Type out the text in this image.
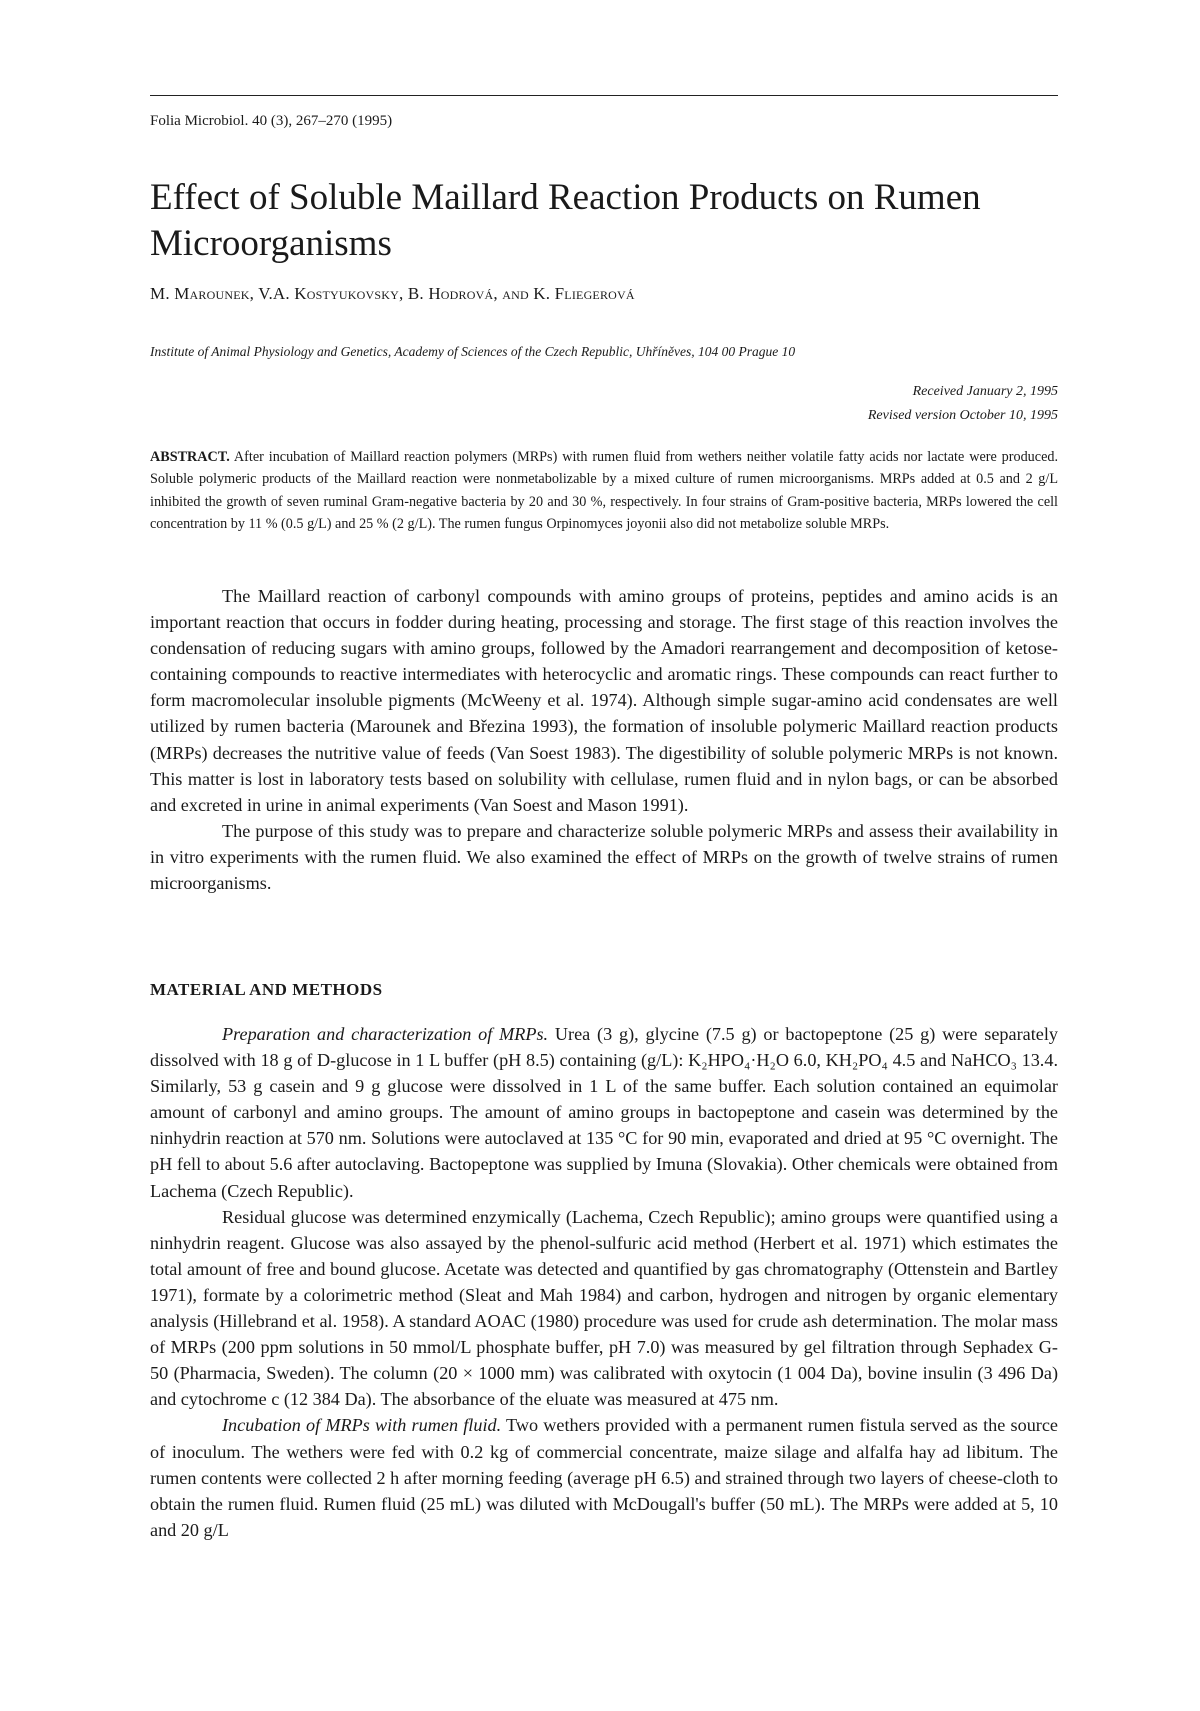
Folia Microbiol. 40 (3), 267–270 (1995)
Effect of Soluble Maillard Reaction Products on Rumen Microorganisms
M. Marounek, V.A. Kostyukovsky, B. Hodrová, and K. Fliegerová
Institute of Animal Physiology and Genetics, Academy of Sciences of the Czech Republic, Uhříněves, 104 00 Prague 10
Received January 2, 1995
Revised version October 10, 1995

ABSTRACT. After incubation of Maillard reaction polymers (MRPs) with rumen fluid from wethers neither volatile fatty acids nor lactate were produced. Soluble polymeric products of the Maillard reaction were nonmetabolizable by a mixed culture of rumen microorganisms. MRPs added at 0.5 and 2 g/L inhibited the growth of seven ruminal Gram-negative bacteria by 20 and 30 %, respectively. In four strains of Gram-positive bacteria, MRPs lowered the cell concentration by 11 % (0.5 g/L) and 25 % (2 g/L). The rumen fungus Orpinomyces joyonii also did not metabolize soluble MRPs.

The Maillard reaction of carbonyl compounds with amino groups of proteins, peptides and amino acids is an important reaction that occurs in fodder during heating, processing and storage. The first stage of this reaction involves the condensation of reducing sugars with amino groups, followed by the Amadori rearrangement and decomposition of ketose-containing compounds to reactive intermediates with heterocyclic and aromatic rings. These compounds can react further to form macromolecular insoluble pigments (McWeeny et al. 1974). Although simple sugar-amino acid condensates are well utilized by rumen bacteria (Marounek and Březina 1993), the formation of insoluble polymeric Maillard reaction products (MRPs) decreases the nutritive value of feeds (Van Soest 1983). The digestibility of soluble polymeric MRPs is not known. This matter is lost in laboratory tests based on solubility with cellulase, rumen fluid and in nylon bags, or can be absorbed and excreted in urine in animal experiments (Van Soest and Mason 1991).

The purpose of this study was to prepare and characterize soluble polymeric MRPs and assess their availability in in vitro experiments with the rumen fluid. We also examined the effect of MRPs on the growth of twelve strains of rumen microorganisms.

MATERIAL AND METHODS

Preparation and characterization of MRPs. Urea (3 g), glycine (7.5 g) or bactopeptone (25 g) were separately dissolved with 18 g of D-glucose in 1 L buffer (pH 8.5) containing (g/L): K₂HPO₄·H₂O 6.0, KH₂PO₄ 4.5 and NaHCO₃ 13.4. Similarly, 53 g casein and 9 g glucose were dissolved in 1 L of the same buffer. Each solution contained an equimolar amount of carbonyl and amino groups. The amount of amino groups in bactopeptone and casein was determined by the ninhydrin reaction at 570 nm. Solutions were autoclaved at 135 °C for 90 min, evaporated and dried at 95 °C overnight. The pH fell to about 5.6 after autoclaving. Bactopeptone was supplied by Imuna (Slovakia). Other chemicals were obtained from Lachema (Czech Republic).

Residual glucose was determined enzymically (Lachema, Czech Republic); amino groups were quantified using a ninhydrin reagent. Glucose was also assayed by the phenol-sulfuric acid method (Herbert et al. 1971) which estimates the total amount of free and bound glucose. Acetate was detected and quantified by gas chromatography (Ottenstein and Bartley 1971), formate by a colorimetric method (Sleat and Mah 1984) and carbon, hydrogen and nitrogen by organic elementary analysis (Hillebrand et al. 1958). A standard AOAC (1980) procedure was used for crude ash determination. The molar mass of MRPs (200 ppm solutions in 50 mmol/L phosphate buffer, pH 7.0) was measured by gel filtration through Sephadex G-50 (Pharmacia, Sweden). The column (20 × 1000 mm) was calibrated with oxytocin (1 004 Da), bovine insulin (3 496 Da) and cytochrome c (12 384 Da). The absorbance of the eluate was measured at 475 nm.

Incubation of MRPs with rumen fluid. Two wethers provided with a permanent rumen fistula served as the source of inoculum. The wethers were fed with 0.2 kg of commercial concentrate, maize silage and alfalfa hay ad libitum. The rumen contents were collected 2 h after morning feeding (average pH 6.5) and strained through two layers of cheese-cloth to obtain the rumen fluid. Rumen fluid (25 mL) was diluted with McDougall's buffer (50 mL). The MRPs were added at 5, 10 and 20 g/L
